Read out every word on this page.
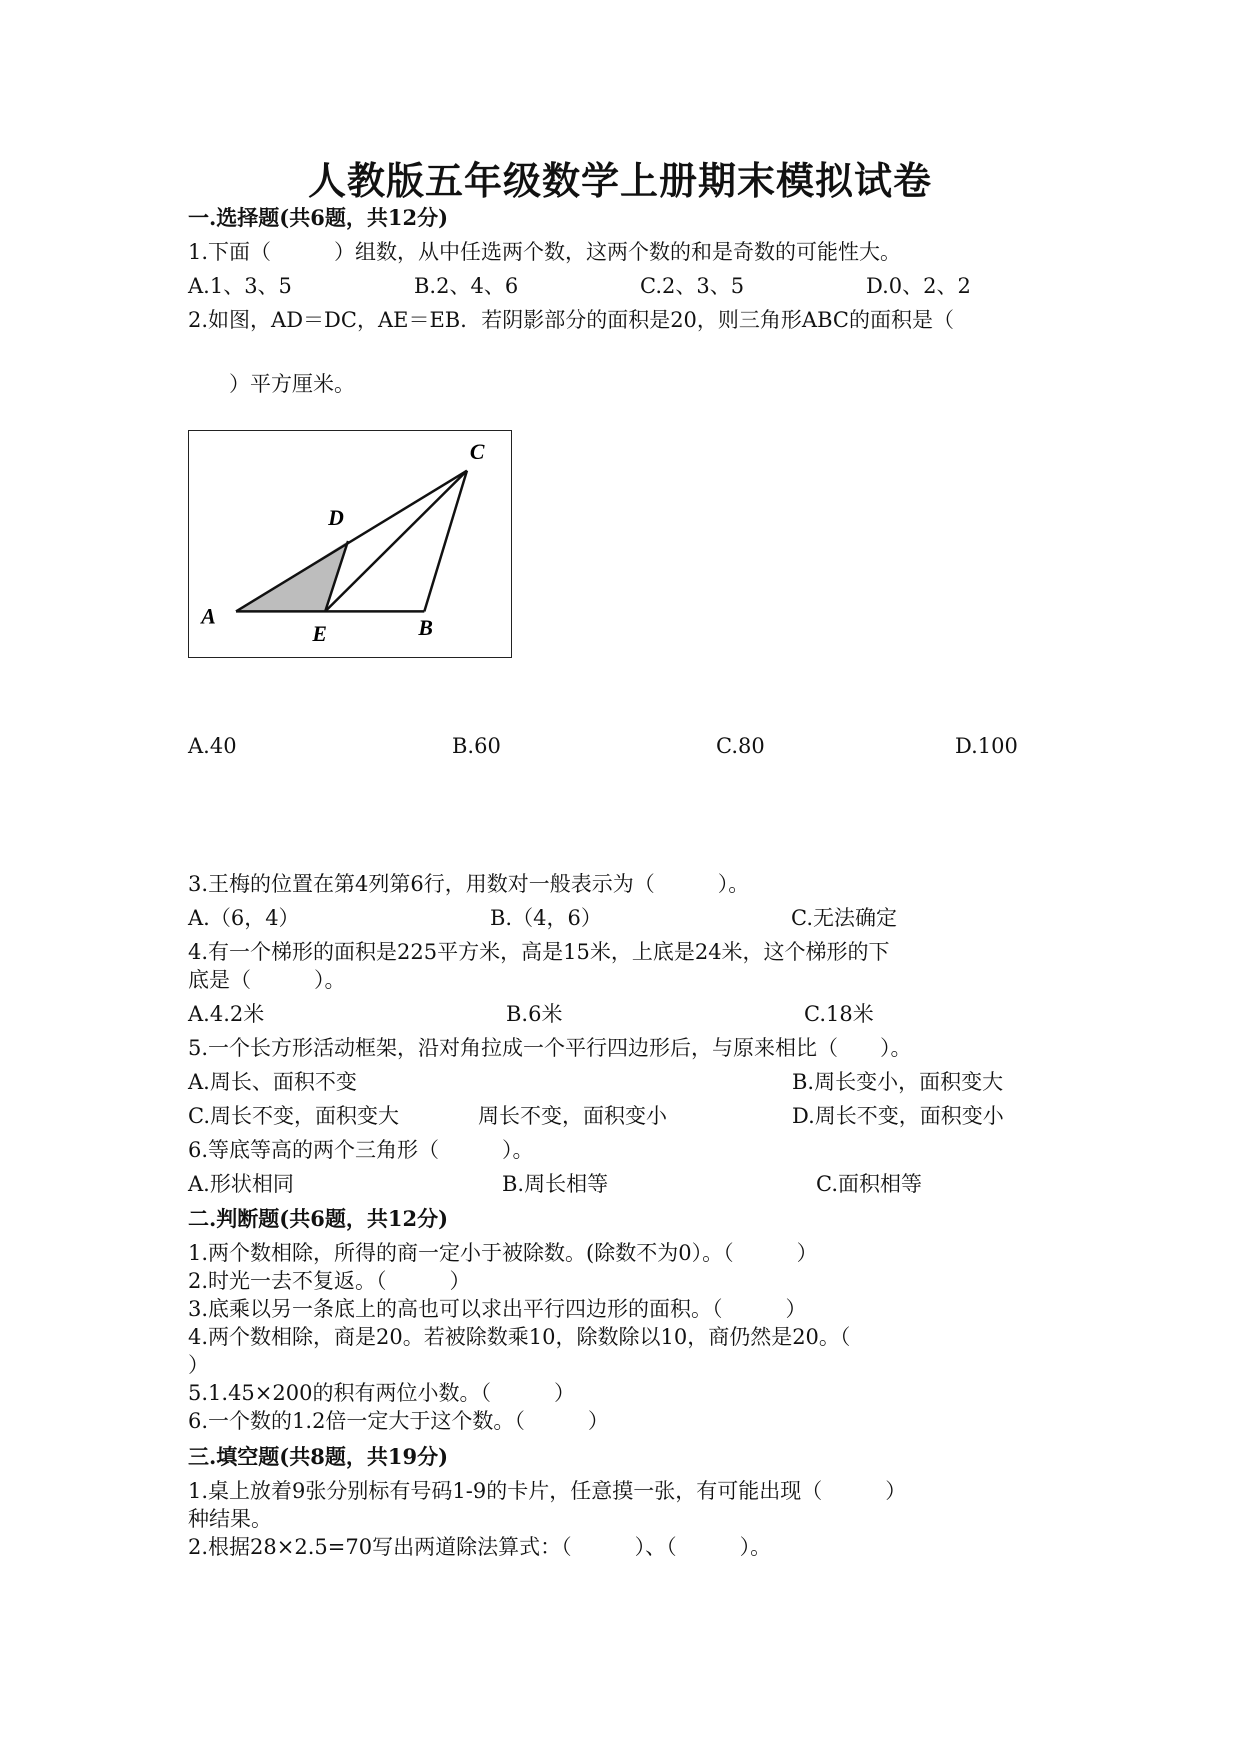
人教版五年级数学上册期末模拟试卷
一.选择题(共6题，共12分)
1.下面（　　　）组数，从中任选两个数，这两个数的和是奇数的可能性大。
A.1、3、5	B.2、4、6	C.2、3、5	D.0、2、2
2.如图，AD＝DC，AE＝EB．若阴影部分的面积是20，则三角形ABC的面积是（
　）平方厘米。
A
E	B
C
D
A.40	B.60	C.80	D.100
3.王梅的位置在第4列第6行，用数对一般表示为（　　　）。
A.（6，4）	B.（4，6）	C.无法确定
4.有一个梯形的面积是225平方米，高是15米，上底是24米，这个梯形的下
底是（　　　）。
A.4.2米	B.6米	C.18米
5.一个长方形活动框架，沿对角拉成一个平行四边形后，与原来相比（　　）。
A.周长、面积不变	B.周长变小，面积变大
C.周长不变，面积变大	周长不变，面积变小	D.周长不变，面积变小
6.等底等高的两个三角形（　　　）。
A.形状相同	B.周长相等	C.面积相等
二.判断题(共6题，共12分)
1.两个数相除，所得的商一定小于被除数。(除数不为0）。（　　　）
2.时光一去不复返。（　　　）
3.底乘以另一条底上的高也可以求出平行四边形的面积。（　　　）
4.两个数相除，商是20。若被除数乘10，除数除以10，商仍然是20。（
）
5.1.45×200的积有两位小数。（　　　）
6.一个数的1.2倍一定大于这个数。（　　　）
三.填空题(共8题，共19分)
1.桌上放着9张分别标有号码1-9的卡片，任意摸一张，有可能出现（　　　）
种结果。
2.根据28×2.5=70写出两道除法算式：（　　　）、（　　　）。
